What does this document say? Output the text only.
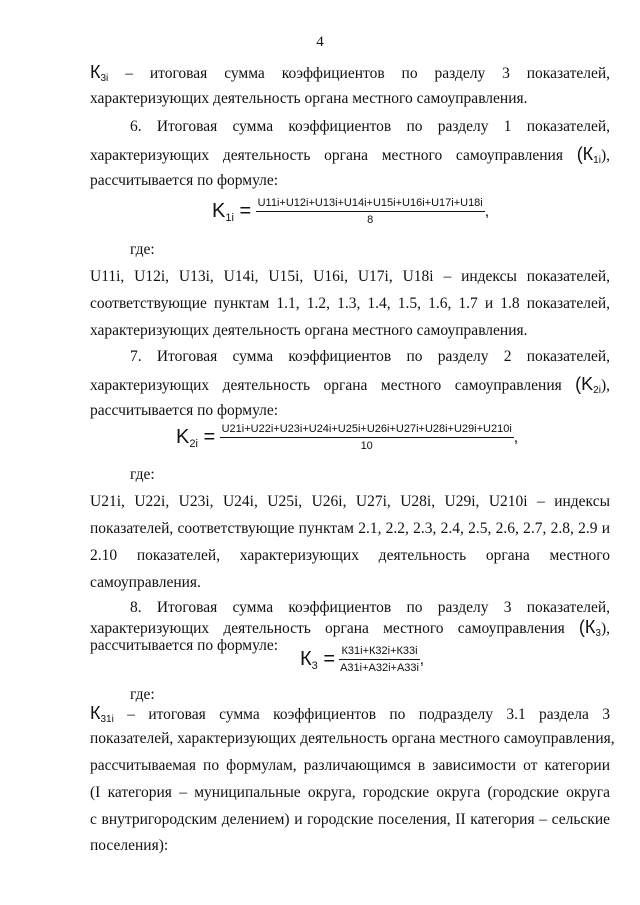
4
$К_{3i}$ – итоговая сумма коэффициентов по разделу 3 показателей,
характеризующих деятельность органа местного самоуправления.
6. Итоговая сумма коэффициентов по разделу 1 показателей,
характеризующих деятельность органа местного самоуправления $(К_{1i})$,
рассчитывается по формуле:
$K_{1i} = \frac{U11i+U12i+U13i+U14i+U15i+U16i+U17i+U18i}{8}$ ,
где:
U11i, U12i, U13i, U14i, U15i, U16i, U17i, U18i – индексы показателей,
соответствующие пунктам 1.1, 1.2, 1.3, 1.4, 1.5, 1.6, 1.7 и 1.8 показателей,
характеризующих деятельность органа местного самоуправления.
7. Итоговая сумма коэффициентов по разделу 2 показателей,
характеризующих деятельность органа местного самоуправления $(K_{2i})$,
рассчитывается по формуле:
$K_{2i} = \frac{U21i+U22i+U23i+U24i+U25i+U26i+U27i+U28i+U29i+U210i}{10}$ ,
где:
U21i, U22i, U23i, U24i, U25i, U26i, U27i, U28i, U29i, U210i – индексы
показателей, соответствующие пунктам 2.1, 2.2, 2.3, 2.4, 2.5, 2.6, 2.7, 2.8, 2.9 и
2.10 показателей, характеризующих деятельность органа местного
самоуправления.
8. Итоговая сумма коэффициентов по разделу 3 показателей,
характеризующих деятельность органа местного самоуправления $(К_3)$,
рассчитывается по формуле:
$К_3 = \frac{К31i+К32i+К33i}{А31i+А32i+А33i}$ ,
где:
$К_{31i}$ – итоговая сумма коэффициентов по подразделу 3.1 раздела 3
показателей, характеризующих деятельность органа местного самоуправления,
рассчитываемая по формулам, различающимся в зависимости от категории
(I категория – муниципальные округа, городские округа (городские округа
с внутригородским делением) и городские поселения, II категория – сельские
поселения):
